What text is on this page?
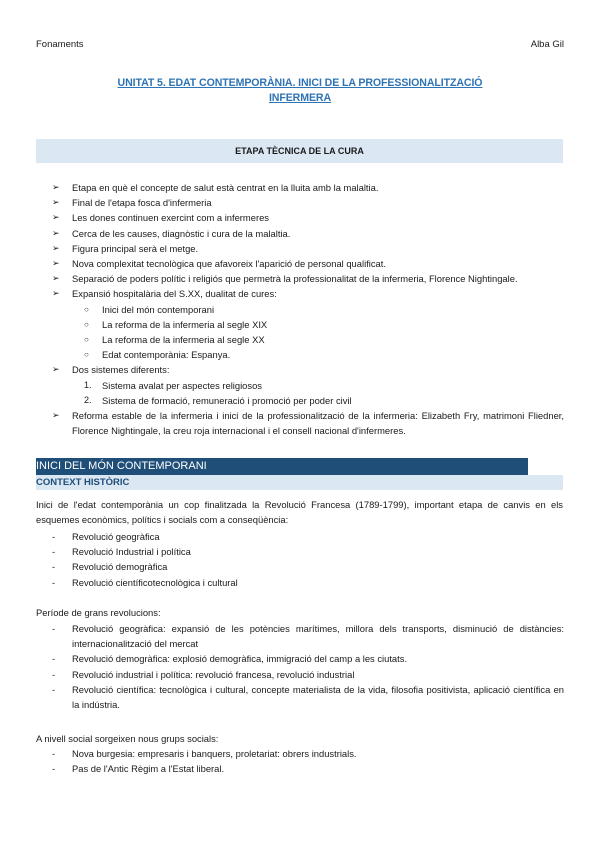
Fonaments	Alba Gil
UNITAT 5. EDAT CONTEMPORÀNIA. INICI DE LA PROFESSIONALITZACIÓ
INFERMERA
ETAPA TÈCNICA DE LA CURA
➢ Etapa en què el concepte de salut està centrat en la lluita amb la malaltia.
➢ Final de l'etapa fosca d'infermeria
➢ Les dones continuen exercint com a infermeres
➢ Cerca de les causes, diagnòstic i cura de la malaltia.
➢ Figura principal serà el metge.
➢ Nova complexitat tecnològica que afavoreix l'aparició de personal qualificat.
➢ Separació de poders polític i religiós que permetrà la professionalitat de la infermeria, Florence Nightingale.
➢ Expansió hospitalària del S.XX, dualitat de cures:
○ Inici del món contemporani
○ La reforma de la infermeria al segle XIX
○ La reforma de la infermeria al segle XX
○ Edat contemporània: Espanya.
➢ Dos sistemes diferents:
1. Sistema avalat per aspectes religiosos
2. Sistema de formació, remuneració i promoció per poder civil
➢ Reforma estable de la infermeria i inici de la professionalització de la infermeria: Elizabeth Fry, matrimoni Fliedner, Florence Nightingale, la creu roja internacional i el consell nacional d'infermeres.
INICI DEL MÓN CONTEMPORANI
CONTEXT HISTÒRIC
Inici de l'edat contemporània un cop finalitzada la Revolució Francesa (1789-1799), important etapa de canvis en els esquemes econòmics, polítics i socials com a conseqüència:
- Revolució geogràfica
- Revolució Industrial i política
- Revolució demogràfica
- Revolució científicotecnològica i cultural
Període de grans revolucions:
- Revolució geogràfica: expansió de les potències marítimes, millora dels transports, disminució de distàncies: internacionalització del mercat
- Revolució demogràfica: explosió demogràfica, immigració del camp a les ciutats.
- Revolució industrial i política: revolució francesa, revolució industrial
- Revolució científica: tecnològica i cultural, concepte materialista de la vida, filosofia positivista, aplicació científica en la indústria.
A nivell social sorgeixen nous grups socials:
- Nova burgesia: empresaris i banquers, proletariat: obrers industrials.
- Pas de l'Antic Règim a l'Estat liberal.
